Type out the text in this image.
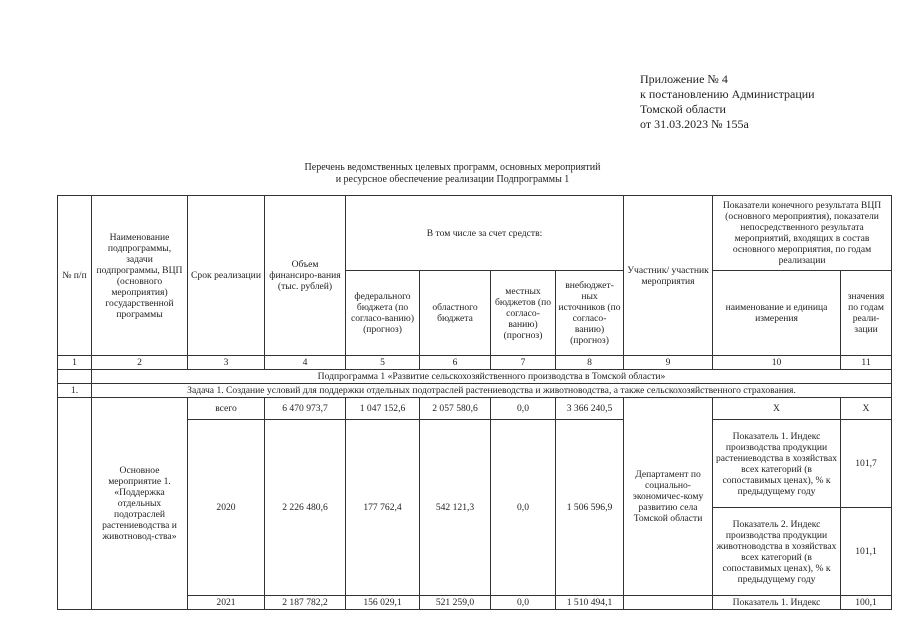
Приложение № 4
к постановлению Администрации
Томской области
от 31.03.2023 № 155а
Перечень ведомственных целевых программ, основных мероприятий
и ресурсное обеспечение реализации Подпрограммы 1
№ п/п	Наименование подпрограммы, задачи подпрограммы, ВЦП (основного мероприятия) государственной программы	Срок реализации	Объем финансиро-вания (тыс. рублей)	В том числе за счет средств:				Участник/ участник мероприятия	Показатели конечного результата ВЦП (основного мероприятия), показатели непосредственного результата мероприятий, входящих в состав основного мероприятия, по годам реализации	
				федерального бюджета (по согласо-ванию) (прогноз)	областного бюджета	местных бюджетов (по согласо-ванию) (прогноз)	внебюджет-ных источников (по согласо-ванию) (прогноз)		наименование и единица измерения	значения по годам реали-зации
1	2	3	4	5	6	7	8	9	10	11
	Подпрограмма 1 «Развитие сельскохозяйственного производства в Томской области»									
1.	Задача 1. Создание условий для поддержки отдельных подотраслей растениеводства и животноводства, а также сельскохозяйственного страхования.									
	Основное мероприятие 1. «Поддержка отдельных подотраслей растениеводства и животновод-ства»	всего	6 470 973,7	1 047 152,6	2 057 580,6	0,0	3 366 240,5	Департамент по социально-экономичес-кому развитию села Томской области	Х	Х
		2020	2 226 480,6	177 762,4	542 121,3	0,0	1 506 596,9		Показатель 1. Индекс производства продукции растениеводства в хозяйствах всех категорий (в сопоставимых ценах), % к предыдущему году	101,7
									Показатель 2. Индекс производства продукции животноводства в хозяйствах всех категорий (в сопоставимых ценах), % к предыдущему году	101,1
		2021	2 187 782,2	156 029,1	521 259,0	0,0	1 510 494,1		Показатель 1. Индекс	100,1
